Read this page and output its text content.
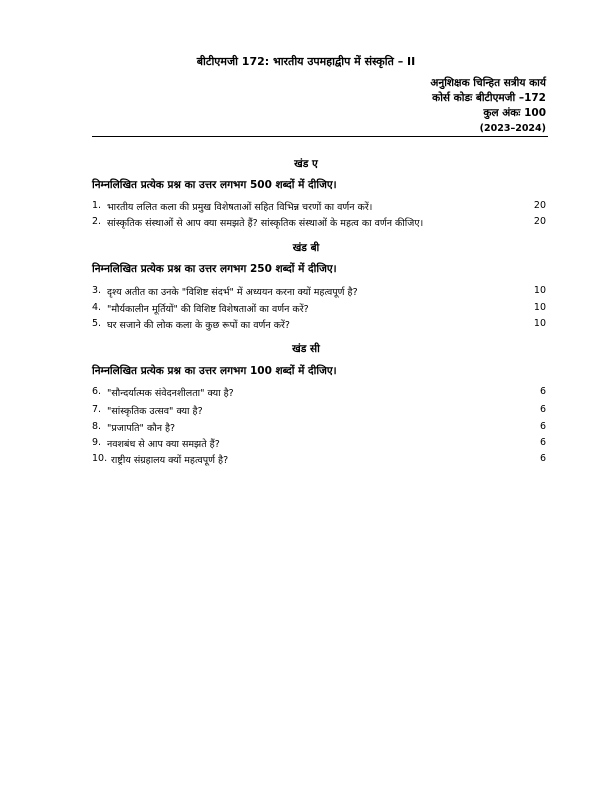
बीटीएमजी 172: भारतीय उपमहाद्वीप में संस्कृति – II
अनुशिक्षक चिन्हित सत्रीय कार्य
कोर्स कोडः बीटीएमजी –172
कुल अंकः 100
(2023–2024)
खंड ए
निम्नलिखित प्रत्येक प्रश्न का उत्तर लगभग 500 शब्दों में दीजिए।
1. भारतीय ललित कला की प्रमुख विशेषताओं सहित विभिन्न चरणों का वर्णन करें।	20
2. सांस्कृतिक संस्थाओं से आप क्या समझते हैं? सांस्कृतिक संस्थाओं के महत्व का वर्णन कीजिए।	20
खंड बी
निम्नलिखित प्रत्येक प्रश्न का उत्तर लगभग 250 शब्दों में दीजिए।
3. दृश्य अतीत का उनके "विशिष्ट संदर्भ" में अध्ययन करना क्यों महत्वपूर्ण है?	10
4. "मौर्यकालीन मूर्तियों" की विशिष्ट विशेषताओं का वर्णन करें?	10
5. घर सजाने की लोक कला के कुछ रूपों का वर्णन करें?	10
खंड सी
निम्नलिखित प्रत्येक प्रश्न का उत्तर लगभग 100 शब्दों में दीजिए।
6. "सौन्दर्यात्मक संवेदनशीलता" क्या है?	6
7. "सांस्कृतिक उत्सव" क्या है?	6
8. "प्रजापति" कौन है?	6
9. नवशबंध से आप क्या समझते हैं?	6
10. राष्ट्रीय संग्रहालय क्यों महत्वपूर्ण है?	6
